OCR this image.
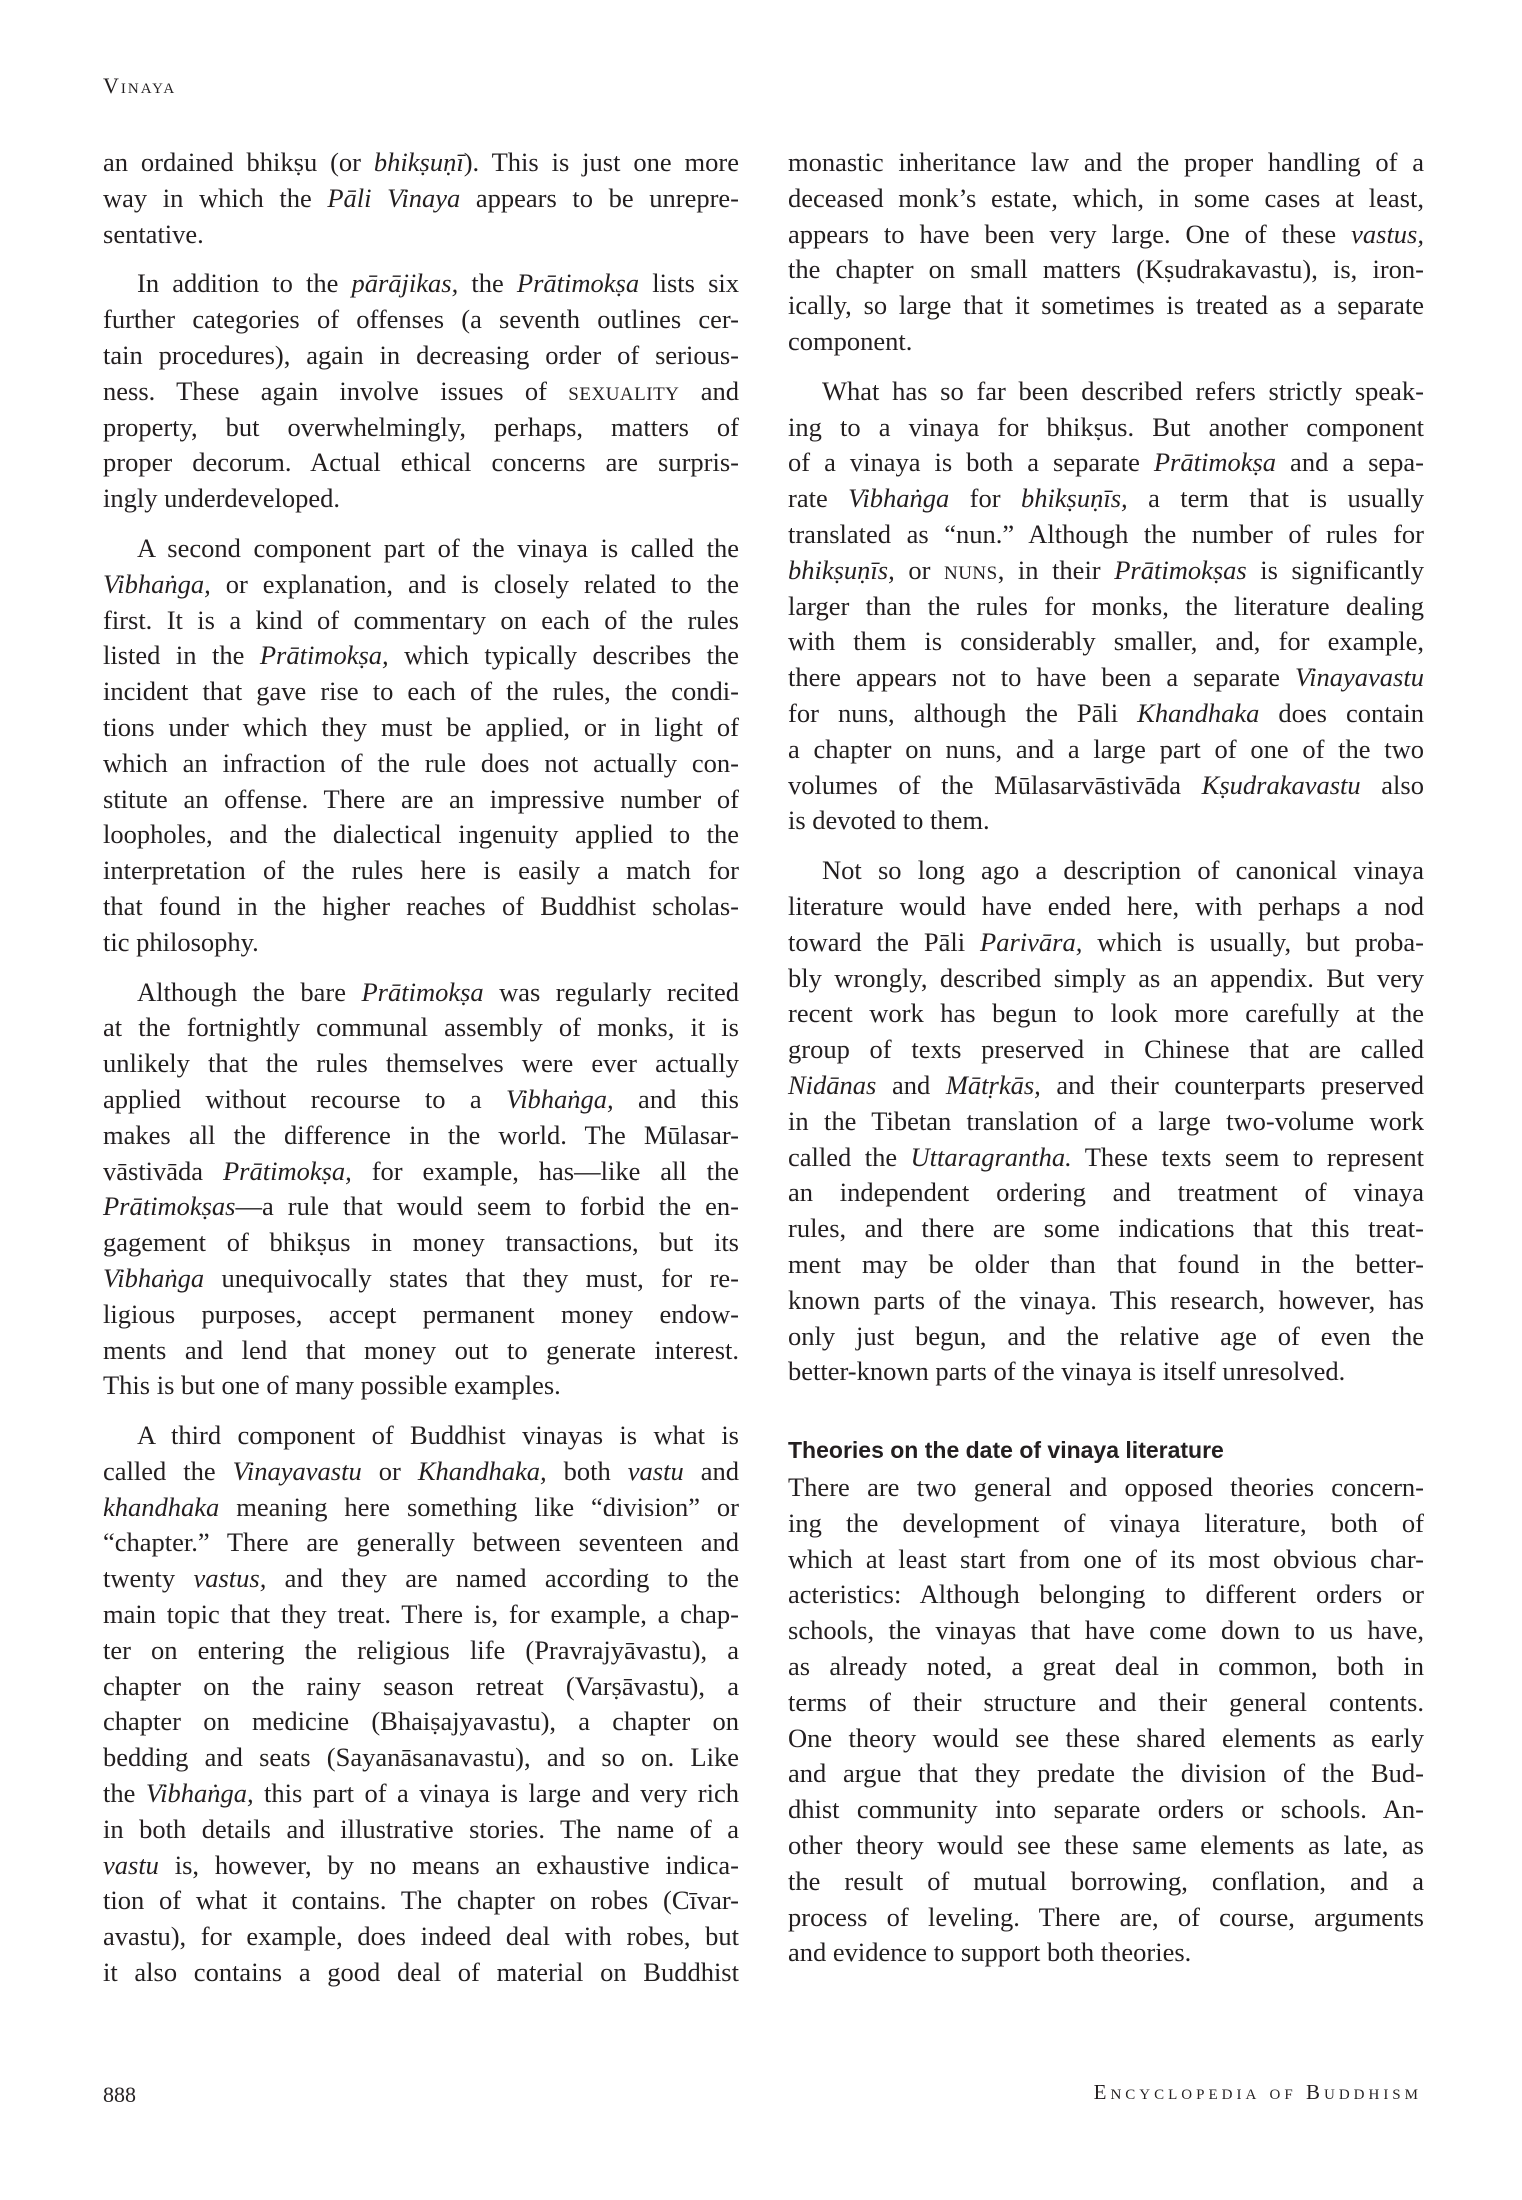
Vinaya
an ordained bhikṣu (or bhikṣuṇī). This is just one more
way in which the Pāli Vinaya appears to be unrepre-
sentative.
In addition to the pārājikas, the Prātimokṣa lists six
further categories of offenses (a seventh outlines cer-
tain procedures), again in decreasing order of serious-
ness. These again involve issues of sexuality and
property, but overwhelmingly, perhaps, matters of
proper decorum. Actual ethical concerns are surpris-
ingly underdeveloped.
A second component part of the vinaya is called the
Vibhaṅga, or explanation, and is closely related to the
first. It is a kind of commentary on each of the rules
listed in the Prātimokṣa, which typically describes the
incident that gave rise to each of the rules, the condi-
tions under which they must be applied, or in light of
which an infraction of the rule does not actually con-
stitute an offense. There are an impressive number of
loopholes, and the dialectical ingenuity applied to the
interpretation of the rules here is easily a match for
that found in the higher reaches of Buddhist scholas-
tic philosophy.
Although the bare Prātimokṣa was regularly recited
at the fortnightly communal assembly of monks, it is
unlikely that the rules themselves were ever actually
applied without recourse to a Vibhaṅga, and this
makes all the difference in the world. The Mūlasar-
vāstivāda Prātimokṣa, for example, has—like all the
Prātimokṣas—a rule that would seem to forbid the en-
gagement of bhikṣus in money transactions, but its
Vibhaṅga unequivocally states that they must, for re-
ligious purposes, accept permanent money endow-
ments and lend that money out to generate interest.
This is but one of many possible examples.
A third component of Buddhist vinayas is what is
called the Vinayavastu or Khandhaka, both vastu and
khandhaka meaning here something like “division” or
“chapter.” There are generally between seventeen and
twenty vastus, and they are named according to the
main topic that they treat. There is, for example, a chap-
ter on entering the religious life (Pravrajyāvastu), a
chapter on the rainy season retreat (Varṣāvastu), a
chapter on medicine (Bhaiṣajyavastu), a chapter on
bedding and seats (Sayanāsanavastu), and so on. Like
the Vibhaṅga, this part of a vinaya is large and very rich
in both details and illustrative stories. The name of a
vastu is, however, by no means an exhaustive indica-
tion of what it contains. The chapter on robes (Cīvar-
avastu), for example, does indeed deal with robes, but
it also contains a good deal of material on Buddhist
monastic inheritance law and the proper handling of a
deceased monk’s estate, which, in some cases at least,
appears to have been very large. One of these vastus,
the chapter on small matters (Kṣudrakavastu), is, iron-
ically, so large that it sometimes is treated as a separate
component.
What has so far been described refers strictly speak-
ing to a vinaya for bhikṣus. But another component
of a vinaya is both a separate Prātimokṣa and a sepa-
rate Vibhaṅga for bhikṣuṇīs, a term that is usually
translated as “nun.” Although the number of rules for
bhikṣuṇīs, or nuns, in their Prātimokṣas is significantly
larger than the rules for monks, the literature dealing
with them is considerably smaller, and, for example,
there appears not to have been a separate Vinayavastu
for nuns, although the Pāli Khandhaka does contain
a chapter on nuns, and a large part of one of the two
volumes of the Mūlasarvāstivāda Kṣudrakavastu also
is devoted to them.
Not so long ago a description of canonical vinaya
literature would have ended here, with perhaps a nod
toward the Pāli Parivāra, which is usually, but proba-
bly wrongly, described simply as an appendix. But very
recent work has begun to look more carefully at the
group of texts preserved in Chinese that are called
Nidānas and Mātṛkās, and their counterparts preserved
in the Tibetan translation of a large two-volume work
called the Uttaragrantha. These texts seem to represent
an independent ordering and treatment of vinaya
rules, and there are some indications that this treat-
ment may be older than that found in the better-
known parts of the vinaya. This research, however, has
only just begun, and the relative age of even the
better-known parts of the vinaya is itself unresolved.
Theories on the date of vinaya literature
There are two general and opposed theories concern-
ing the development of vinaya literature, both of
which at least start from one of its most obvious char-
acteristics: Although belonging to different orders or
schools, the vinayas that have come down to us have,
as already noted, a great deal in common, both in
terms of their structure and their general contents.
One theory would see these shared elements as early
and argue that they predate the division of the Bud-
dhist community into separate orders or schools. An-
other theory would see these same elements as late, as
the result of mutual borrowing, conflation, and a
process of leveling. There are, of course, arguments
and evidence to support both theories.
888	Encyclopedia of Buddhism
